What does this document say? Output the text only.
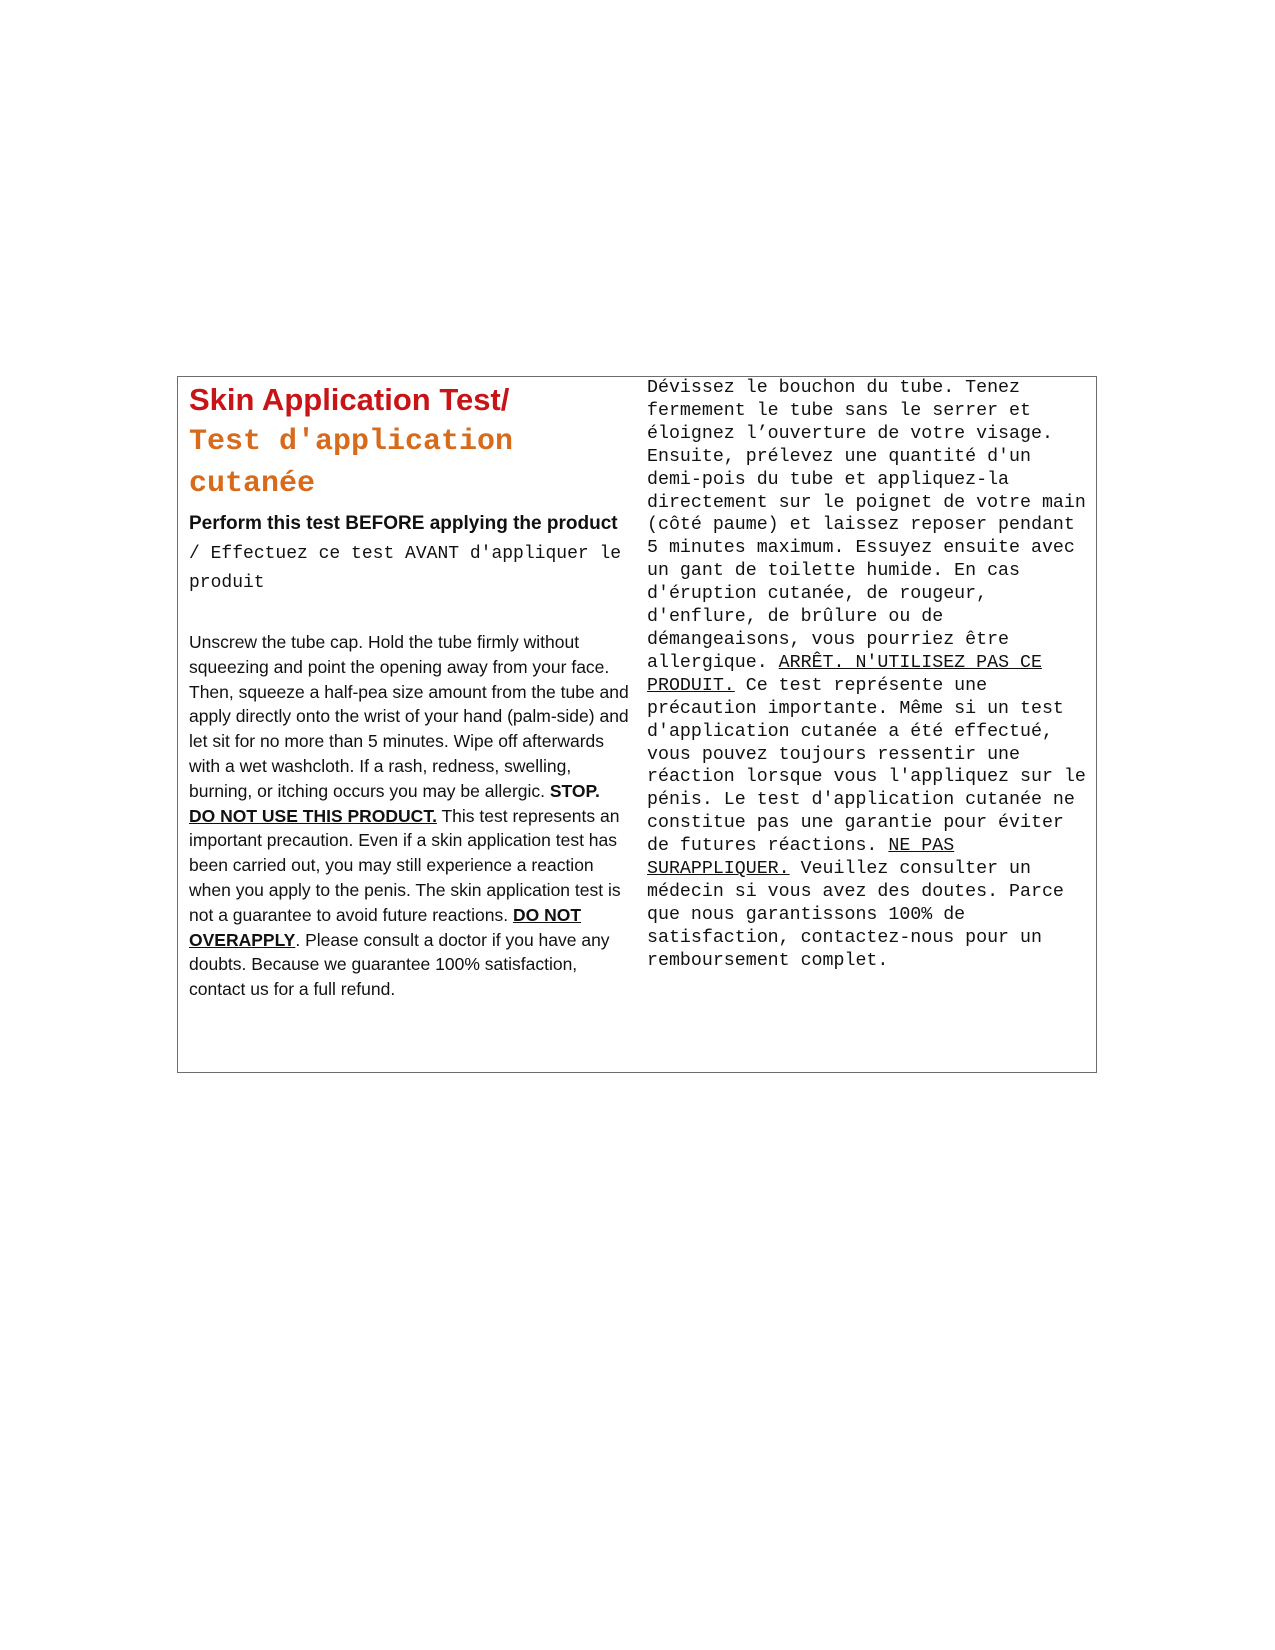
Skin Application Test/
Test d'application cutanée

Perform this test BEFORE applying the product / Effectuez ce test AVANT d'appliquer le produit

Unscrew the tube cap. Hold the tube firmly without squeezing and point the opening away from your face. Then, squeeze a half-pea size amount from the tube and apply directly onto the wrist of your hand (palm-side) and let sit for no more than 5 minutes. Wipe off afterwards with a wet washcloth. If a rash, redness, swelling, burning, or itching occurs you may be allergic. STOP. DO NOT USE THIS PRODUCT. This test represents an important precaution. Even if a skin application test has been carried out, you may still experience a reaction when you apply to the penis. The skin application test is not a guarantee to avoid future reactions. DO NOT OVERAPPLY. Please consult a doctor if you have any doubts. Because we guarantee 100% satisfaction, contact us for a full refund.

Dévissez le bouchon du tube. Tenez fermement le tube sans le serrer et éloignez l’ouverture de votre visage. Ensuite, prélevez une quantité d'un demi-pois du tube et appliquez-la directement sur le poignet de votre main (côté paume) et laissez reposer pendant 5 minutes maximum. Essuyez ensuite avec un gant de toilette humide. En cas d'éruption cutanée, de rougeur, d'enflure, de brûlure ou de démangeaisons, vous pourriez être allergique. ARRÊT. N'UTILISEZ PAS CE PRODUIT. Ce test représente une précaution importante. Même si un test d'application cutanée a été effectué, vous pouvez toujours ressentir une réaction lorsque vous l'appliquez sur le pénis. Le test d'application cutanée ne constitue pas une garantie pour éviter de futures réactions. NE PAS SURAPPLIQUER. Veuillez consulter un médecin si vous avez des doutes. Parce que nous garantissons 100% de satisfaction, contactez-nous pour un remboursement complet.
